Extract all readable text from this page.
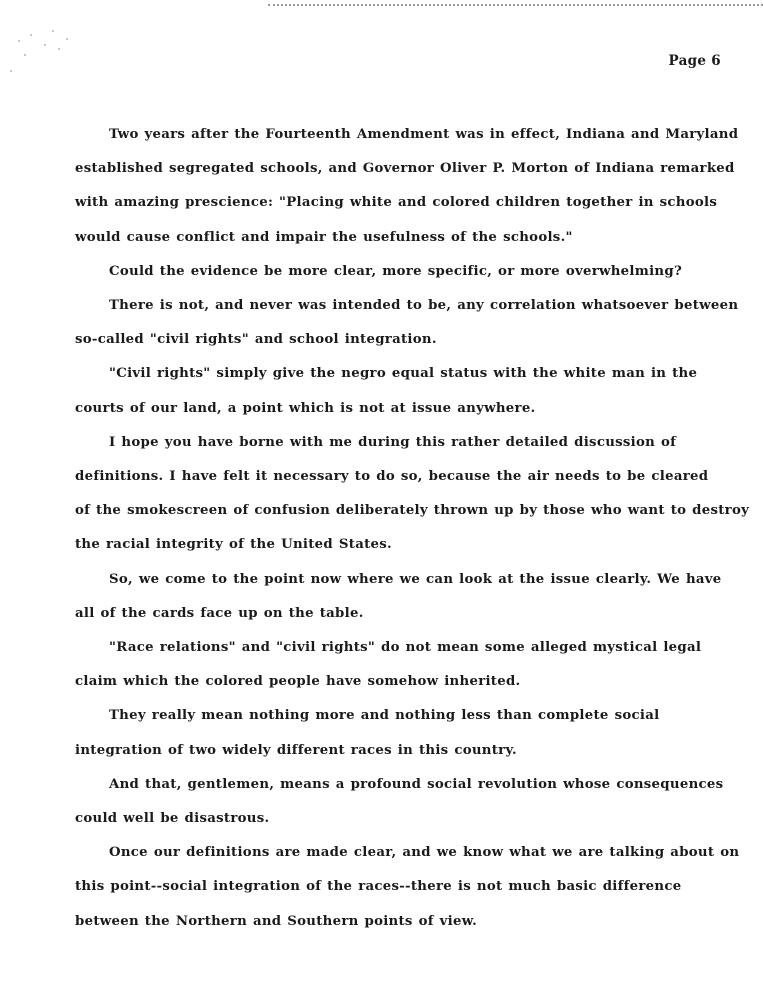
Page 6
Two years after the Fourteenth Amendment was in effect, Indiana and Maryland
established segregated schools, and Governor Oliver P. Morton of Indiana remarked
with amazing prescience: "Placing white and colored children together in schools
would cause conflict and impair the usefulness of the schools."
Could the evidence be more clear, more specific, or more overwhelming?
There is not, and never was intended to be, any correlation whatsoever between
so-called "civil rights" and school integration.
"Civil rights" simply give the negro equal status with the white man in the
courts of our land, a point which is not at issue anywhere.
I hope you have borne with me during this rather detailed discussion of
definitions. I have felt it necessary to do so, because the air needs to be cleared
of the smokescreen of confusion deliberately thrown up by those who want to destroy
the racial integrity of the United States.
So, we come to the point now where we can look at the issue clearly. We have
all of the cards face up on the table.
"Race relations" and "civil rights" do not mean some alleged mystical legal
claim which the colored people have somehow inherited.
They really mean nothing more and nothing less than complete social
integration of two widely different races in this country.
And that, gentlemen, means a profound social revolution whose consequences
could well be disastrous.
Once our definitions are made clear, and we know what we are talking about on
this point--social integration of the races--there is not much basic difference
between the Northern and Southern points of view.
